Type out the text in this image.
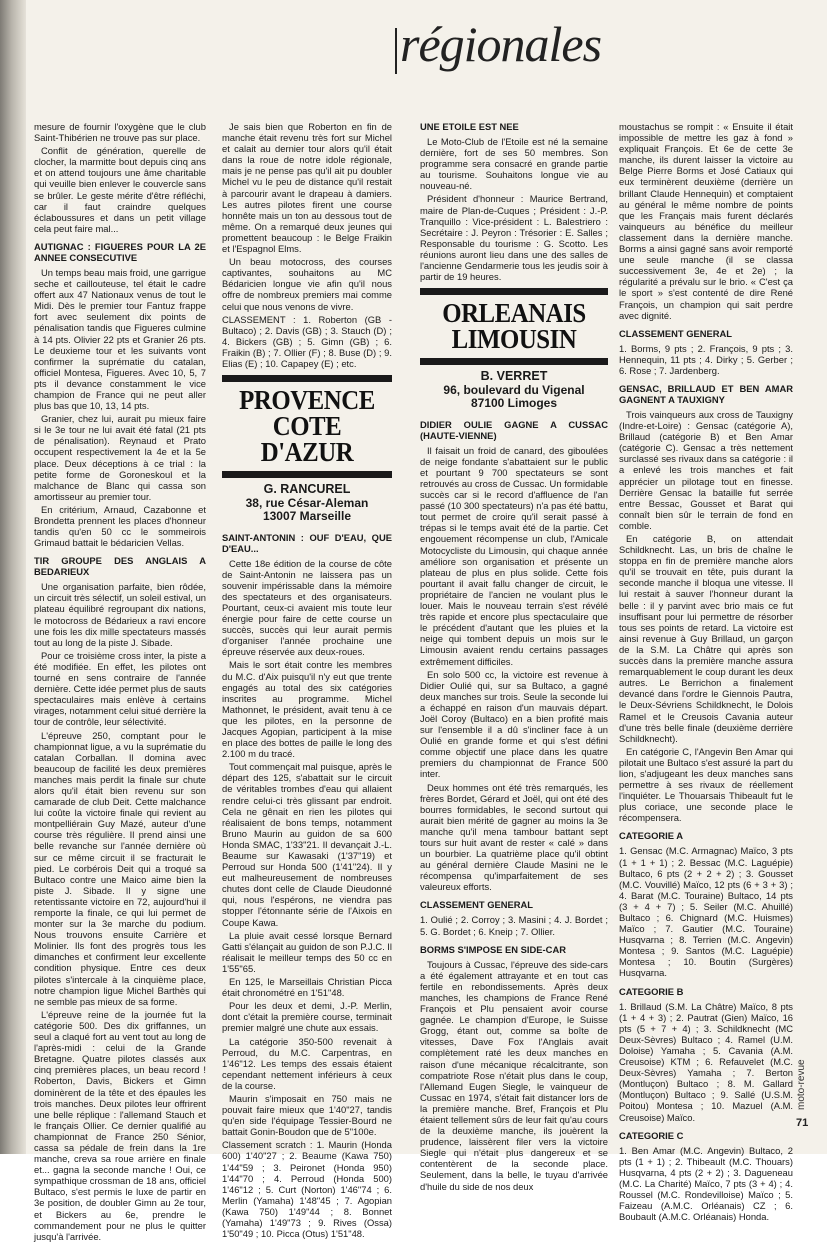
régionales

mesure de fournir l'oxygène que le club Saint-Thibérien ne trouve pas sur place.

Conflit de génération, querelle de clocher, la marmitte bout depuis cinq ans et on attend toujours une âme charitable qui veuille bien enlever le couvercle sans se brûler. Le geste mérite d'être réfléchi, car il faut craindre quelques éclaboussures et dans un petit village cela peut faire mal...

AUTIGNAC : FIGUERES POUR LA 2E ANNEE CONSECUTIVE

Un temps beau mais froid, une garrigue seche et caillouteuse, tel était le cadre offert aux 47 Nationaux venus de tout le Midi. Dès le premier tour Fantuz frappe fort avec seulement dix points de pénalisation tandis que Figueres culmine à 14 pts. Olivier 22 pts et Granier 26 pts. Le deuxieme tour et les suivants vont confirmer la suprématie du catalan, officiel Montesa, Figueres. Avec 10, 5, 7 pts il devance constamment le vice champion de France qui ne peut aller plus bas que 10, 13, 14 pts.

Granier, chez lui, aurait pu mieux faire si le 3e tour ne lui avait été fatal (21 pts de pénalisation). Reynaud et Prato occupent respectivement la 4e et la 5e place. Deux déceptions à ce trial : la petite forme de Goroneskoul et la malchance de Blanc qui cassa son amortisseur au premier tour.

En critérium, Arnaud, Cazabonne et Brondetta prennent les places d'honneur tandis qu'en 50 cc le sommeirois Grimaud battait le bédaricien Vellas.

TIR GROUPE DES ANGLAIS A BEDARIEUX

Une organisation parfaite, bien rôdée, un circuit très sélectif, un soleil estival, un plateau équilibré regroupant dix nations, le motocross de Bédarieux a ravi encore une fois les dix mille spectateurs massés tout au long de la piste J. Sibade.

Pour ce troisième cross inter, la piste a été modifiée. En effet, les pilotes ont tourné en sens contraire de l'année dernière. Cette idée permet plus de sauts spectaculaires mais enlève à certains virages, notamment celui situé derrière la tour de contrôle, leur sélectivité.

L'épreuve 250, comptant pour le championnat ligue, a vu la suprématie du catalan Corballan. Il domina avec beaucoup de facilité les deux premières manches mais perdit la finale sur chute alors qu'il était bien revenu sur son camarade de club Deit. Cette malchance lui coûte la victoire finale qui revient au montpelliérain Guy Mazé, auteur d'une course très régulière. Il prend ainsi une belle revanche sur l'année dernière où sur ce même circuit il se fracturait le pied. Le corbérois Deit qui a troqué sa Bultaco contre une Maico aime bien la piste J. Sibade. Il y signe une retentissante victoire en 72, aujourd'hui il remporte la finale, ce qui lui permet de monter sur la 3e marche du podium. Nous trouvons ensuite Carrière et Molinier. Ils font des progrès tous les dimanches et confirment leur excellente condition physique. Entre ces deux pilotes s'intercale à la cinquième place, notre champion ligue Michel Barthès qui ne semble pas mieux de sa forme.

L'épreuve reine de la journée fut la catégorie 500. Des dix griffannes, un seul a claqué fort au vent tout au long de l'après-midi : celui de la Grande Bretagne. Quatre pilotes classés aux cinq premières places, un beau record ! Roberton, Davis, Bickers et Gimn dominèrent de la tête et des épaules les trois manches. Deux pilotes leur offrirent une belle réplique : l'allemand Stauch et le français Ollier. Ce dernier qualifié au championnat de France 250 Sénior, cassa sa pédale de frein dans la 1re manche, creva sa roue arrière en finale et... gagna la seconde manche ! Oui, ce sympathique crossman de 18 ans, officiel Bultaco, s'est permis le luxe de partir en 3e position, de doubler Gimn au 2e tour, et Bickers au 6e, prendre le commandement pour ne plus le quitter jusqu'à l'arrivée.

Je sais bien que Roberton en fin de manche était revenu très fort sur Michel et calait au dernier tour alors qu'il était dans la roue de notre idole régionale, mais je ne pense pas qu'il ait pu doubler Michel vu le peu de distance qu'il restait à parcourir avant le drapeau à damiers. Les autres pilotes firent une course honnête mais un ton au dessous tout de même. On a remarqué deux jeunes qui promettent beaucoup : le Belge Fraikin et l'Espagnol Elms.

Un beau motocross, des courses captivantes, souhaitons au MC Bédaricien longue vie afin qu'il nous offre de nombreux premiers mai comme celui que nous venons de vivre.

CLASSEMENT : 1. Roberton (GB - Bultaco) ; 2. Davis (GB) ; 3. Stauch (D) ; 4. Bickers (GB) ; 5. Gimn (GB) ; 6. Fraikin (B) ; 7. Ollier (F) ; 8. Buse (D) ; 9. Elias (E) ; 10. Capapey (E) ; etc.

PROVENCE COTE D'AZUR
G. RANCUREL
38, rue César-Aleman
13007 Marseille
SAINT-ANTONIN : OUF D'EAU, QUE D'EAU...

Cette 18e édition de la course de côte de Saint-Antonin ne laissera pas un souvenir impérissable dans la mémoire des spectateurs et des organisateurs. Pourtant, ceux-ci avaient mis toute leur énergie pour faire de cette course un succès, succès qui leur aurait permis d'organiser l'année prochaine une épreuve réservée aux deux-roues.

Mais le sort était contre les membres du M.C. d'Aix puisqu'il n'y eut que trente engagés au total des six catégories inscrites au programme. Michel Mathonnet, le président, avait tenu à ce que les pilotes, en la personne de Jacques Agopian, participent à la mise en place des bottes de paille le long des 2.100 m du tracé.

Tout commençait mal puisque, après le départ des 125, s'abattait sur le circuit de véritables trombes d'eau qui allaient rendre celui-ci très glissant par endroit. Cela ne gênait en rien les pilotes qui réalisaient de bons temps, notamment Bruno Maurin au guidon de sa 600 Honda SMAC, 1'33"21. Il devançait J.-L. Beaume sur Kawasaki (1'37"19) et Perroud sur Honda 500 (1'41"24). Il y eut malheureusement de nombreuses chutes dont celle de Claude Dieudonné qui, nous l'espérons, ne viendra pas stopper l'étonnante série de l'Aixois en Coupe Kawa.

La pluie avait cessé lorsque Bernard Gatti s'élançait au guidon de son P.J.C. Il réalisait le meilleur temps des 50 cc en 1'55"65.

En 125, le Marseillais Christian Picca était chronométré en 1'51"48.

Pour les deux et demi, J.-P. Merlin, dont c'était la première course, terminait premier malgré une chute aux essais.

La catégorie 350-500 revenait à Perroud, du M.C. Carpentras, en 1'46"12. Les temps des essais étaient cependant nettement inférieurs à ceux de la course.

Maurin s'imposait en 750 mais ne pouvait faire mieux que 1'40"27, tandis qu'en side l'équipage Tessier-Bourd ne battait Gonin-Boudon que de 5"100e.

Classement scratch : 1. Maurin (Honda 600) 1'40"27 ; 2. Beaume (Kawa 750) 1'44"59 ; 3. Peironet (Honda 950) 1'44"70 ; 4. Perroud (Honda 500) 1'46"12 ; 5. Curt (Norton) 1'46"74 ; 6. Merlin (Yamaha) 1'48"45 ; 7. Agopian (Kawa 750) 1'49"44 ; 8. Bonnet (Yamaha) 1'49"73 ; 9. Rives (Ossa) 1'50"49 ; 10. Picca (Otus) 1'51"48.

UNE ETOILE EST NEE

Le Moto-Club de l'Etoile est né la semaine dernière, fort de ses 50 membres. Son programme sera consacré en grande partie au tourisme. Souhaitons longue vie au nouveau-né.

Président d'honneur : Maurice Bertrand, maire de Plan-de-Cuques ; Président : J.-P. Tranquillo : Vice-président : L. Balestriero : Secrétaire : J. Peyron : Trésorier : E. Salles ; Responsable du tourisme : G. Scotto. Les réunions auront lieu dans une des salles de l'ancienne Gendarmerie tous les jeudis soir à partir de 19 heures.

ORLEANAIS LIMOUSIN
B. VERRET
96, boulevard du Vigenal
87100 Limoges
DIDIER OULIE GAGNE A CUSSAC (HAUTE-VIENNE)

Il faisait un froid de canard, des giboulées de neige fondante s'abattaient sur le public et pourtant 9 700 spectateurs se sont retrouvés au cross de Cussac. Un formidable succès car si le record d'affluence de l'an passé (10 300 spectateurs) n'a pas été battu, tout permet de croire qu'il serait passé à trépas si le temps avait été de la partie. Cet engouement récompense un club, l'Amicale Motocycliste du Limousin, qui chaque année améliore son organisation et présente un plateau de plus en plus solide. Cette fois pourtant il avait fallu changer de circuit, le propriétaire de l'ancien ne voulant plus le louer. Mais le nouveau terrain s'est révélé très rapide et encore plus spectaculaire que le précédent d'autant que les pluies et la neige qui tombent depuis un mois sur le Limousin avaient rendu certains passages extrêmement difficiles.

En solo 500 cc, la victoire est revenue à Didier Oulié qui, sur sa Bultaco, a gagné deux manches sur trois. Seule la seconde lui a échappé en raison d'un mauvais départ. Joël Coroy (Bultaco) en a bien profité mais sur l'ensemble il a dû s'incliner face à un Oulié en grande forme et qui s'est défini comme objectif une place dans les quatre premiers du championnat de France 500 inter.

Deux hommes ont été très remarqués, les frères Bordet, Gérard et Joël, qui ont été des bourres formidables, le second surtout qui aurait bien mérité de gagner au moins la 3e manche qu'il mena tambour battant sept tours sur huit avant de rester « calé » dans un bourbier. La quatrième place qu'il obtint au général dernière Claude Masini ne le récompensa qu'imparfaitement de ses valeureux efforts.

CLASSEMENT GENERAL

1. Oulié ; 2. Corroy ; 3. Masini ; 4. J. Bordet ; 5. G. Bordet ; 6. Kneip ; 7. Ollier.

BORMS S'IMPOSE EN SIDE-CAR

Toujours à Cussac, l'épreuve des side-cars a été également attrayante et en tout cas fertile en rebondissements. Après deux manches, les champions de France René François et Plu pensaient avoir course gagnée. Le champion d'Europe, le Suisse Grogg, étant out, comme sa boîte de vitesses, Dave Fox l'Anglais avait complètement raté les deux manches en raison d'une mécanique récalcitrante, son compatriote Rose n'était plus dans le coup, l'Allemand Eugen Siegle, le vainqueur de Cussac en 1974, s'était fait distancer lors de la première manche. Bref, François et Plu étaient tellement sûrs de leur fait qu'au cours de la deuxième manche, ils jouèrent la prudence, laissèrent filer vers la victoire Siegle qui n'était plus dangereux et se contentèrent de la seconde place. Seulement, dans la belle, le tuyau d'arrivée d'huile du side de nos deux

moustachus se rompit : « Ensuite il était impossible de mettre les gaz à fond » expliquait François. Et 6e de cette 3e manche, ils durent laisser la victoire au Belge Pierre Borms et José Catiaux qui eux terminèrent deuxième (derrière un brillant Claude Hennequin) et comptaient au général le même nombre de points que les Français mais furent déclarés vainqueurs au bénéfice du meilleur classement dans la dernière manche. Borms a ainsi gagné sans avoir remporté une seule manche (il se classa successivement 3e, 4e et 2e) ; la régularité a prévalu sur le brio. « C'est ça le sport » s'est contenté de dire René François, un champion qui sait perdre avec dignité.

CLASSEMENT GENERAL

1. Borms, 9 pts ; 2. François, 9 pts ; 3. Hennequin, 11 pts ; 4. Dirky ; 5. Gerber ; 6. Rose ; 7. Jardenberg.

GENSAC, BRILLAUD ET BEN AMAR GAGNENT A TAUXIGNY

Trois vainqueurs aux cross de Tauxigny (Indre-et-Loire) : Gensac (catégorie A), Brillaud (catégorie B) et Ben Amar (catégorie C). Gensac a très nettement surclassé ses rivaux dans sa catégorie : il a enlevé les trois manches et fait apprécier un pilotage tout en finesse. Derrière Gensac la bataille fut serrée entre Bessac, Gousset et Barat qui connaît bien sûr le terrain de fond en comble.

En catégorie B, on attendait Schildknecht. Las, un bris de chaîne le stoppa en fin de première manche alors qu'il se trouvait en tête, puis durant la seconde manche il bloqua une vitesse. Il lui restait à sauver l'honneur durant la belle : il y parvint avec brio mais ce fut insuffisant pour lui permettre de résorber tous ses points de retard. La victoire est ainsi revenue à Guy Brillaud, un garçon de la S.M. La Châtre qui après son succès dans la première manche assura remarquablement le coup durant les deux autres. Le Berrichon a finalement devancé dans l'ordre le Giennois Pautra, le Deux-Sévriens Schildknecht, le Dolois Ramel et le Creusois Cavania auteur d'une très belle finale (deuxième derrière Schildknecht).

En catégorie C, l'Angevin Ben Amar qui pilotait une Bultaco s'est assuré la part du lion, s'adjugeant les deux manches sans permettre à ses rivaux de réellement l'inquiéter. Le Thouarsais Thibeault fut le plus coriace, une seconde place le récompensera.

CATEGORIE A

1. Gensac (M.C. Armagnac) Maïco, 3 pts (1 + 1 + 1) ; 2. Bessac (M.C. Laguépie) Bultaco, 6 pts (2 + 2 + 2) ; 3. Gousset (M.C. Vouvillé) Maïco, 12 pts (6 + 3 + 3) ; 4. Barat (M.C. Touraine) Bultaco, 14 pts (3 + 4 + 7) ; 5. Seiler (M.C. Ahuillé) Bultaco ; 6. Chignard (M.C. Huismes) Maïco ; 7. Gautier (M.C. Touraine) Husqvarna ; 8. Terrien (M.C. Angevin) Montesa ; 9. Santos (M.C. Laguépie) Montesa ; 10. Boutin (Surgères) Husqvarna.

CATEGORIE B

1. Brillaud (S.M. La Châtre) Maïco, 8 pts (1 + 4 + 3) ; 2. Pautrat (Gien) Maïco, 16 pts (5 + 7 + 4) ; 3. Schildknecht (MC Deux-Sèvres) Bultaco ; 4. Ramel (U.M. Doloise) Yamaha ; 5. Cavania (A.M. Creusoise) KTM ; 6. Refauvelet (M.C. Deux-Sèvres) Yamaha ; 7. Berton (Montluçon) Bultaco ; 8. M. Gallard (Montluçon) Bultaco ; 9. Sallé (U.S.M. Poitou) Montesa ; 10. Mazuel (A.M. Creusoise) Maïco.

CATEGORIE C

1. Ben Amar (M.C. Angevin) Bultaco, 2 pts (1 + 1) ; 2. Thibeault (M.C. Thouars) Husqvarna, 4 pts (2 + 2) ; 3. Dagueneau (M.C. La Charité) Maïco, 7 pts (3 + 4) ; 4. Roussel (M.C. Rondevilloise) Maïco ; 5. Faizeau (A.M.C. Orléanais) CZ ; 6. Boubault (A.M.C. Orléanais) Honda.

moto-revue
71
